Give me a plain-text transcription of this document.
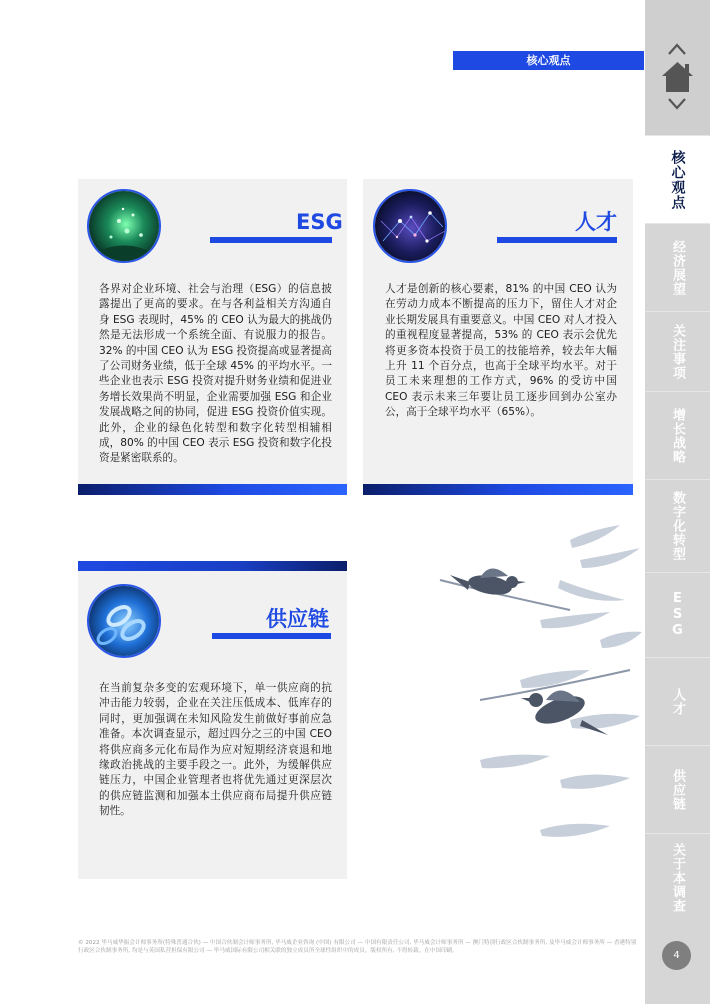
核心观点
核心观点
经济展望
关注事项
增长战略
数字化转型
ESG
人才
供应链
关于本调查
ESG
各界对企业环境、社会与治理（ESG）的信息披露提出了更高的要求。在与各利益相关方沟通自身 ESG 表现时，45% 的 CEO 认为最大的挑战仍然是无法形成一个系统全面、有说服力的报告。32% 的中国 CEO 认为 ESG 投资提高或显著提高了公司财务业绩，低于全球 45% 的平均水平。一些企业也表示 ESG 投资对提升财务业绩和促进业务增长效果尚不明显，企业需要加强 ESG 和企业发展战略之间的协同，促进 ESG 投资价值实现。此外，企业的绿色化转型和数字化转型相辅相成，80% 的中国 CEO 表示 ESG 投资和数字化投资是紧密联系的。
人才
人才是创新的核心要素，81% 的中国 CEO 认为在劳动力成本不断提高的压力下，留住人才对企业长期发展具有重要意义。中国 CEO 对人才投入的重视程度显著提高，53% 的 CEO 表示会优先将更多资本投资于员工的技能培养，较去年大幅上升 11 个百分点，也高于全球平均水平。对于员工未来理想的工作方式，96% 的受访中国 CEO 表示未来三年要让员工逐步回到办公室办公，高于全球平均水平（65%）。
供应链
在当前复杂多变的宏观环境下，单一供应商的抗冲击能力较弱，企业在关注压低成本、低库存的同时，更加强调在未知风险发生前做好事前应急准备。本次调查显示，超过四分之三的中国 CEO 将供应商多元化布局作为应对短期经济衰退和地缘政治挑战的主要手段之一。此外，为缓解供应链压力，中国企业管理者也将优先通过更深层次的供应链监测和加强本土供应商布局提升供应链韧性。
© 2022 毕马威华振会计师事务所(特殊普通合伙) — 中国合伙制会计师事务所, 毕马威企业咨询 (中国) 有限公司 — 中国有限责任公司, 毕马威会计师事务所 — 澳门特别行政区合伙制事务所, 及毕马威会计师事务所 — 香港特别行政区合伙制事务所, 均是与英国私营担保有限公司 — 毕马威国际有限公司相关联的独立成员所全球性组织中的成员。版权所有, 不得转载。在中国印刷。	4
